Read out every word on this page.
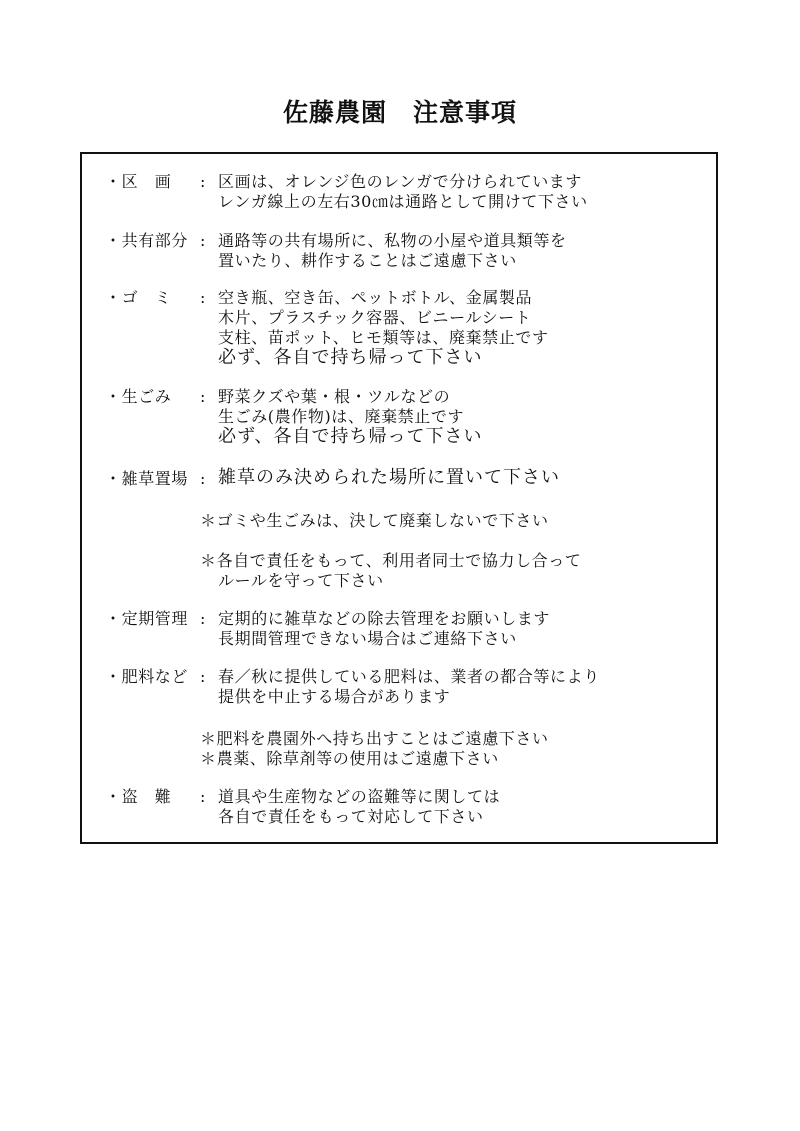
佐藤農園　注意事項
・区　画 : 区画は、オレンジ色のレンガで分けられています
レンガ線上の左右30㎝は通路として開けて下さい
・共有部分 : 通路等の共有場所に、私物の小屋や道具類等を
置いたり、耕作することはご遠慮下さい
・ゴ　ミ : 空き瓶、空き缶、ペットボトル、金属製品
木片、プラスチック容器、ビニールシート
支柱、苗ポット、ヒモ類等は、廃棄禁止です
必ず、各自で持ち帰って下さい
・生ごみ : 野菜クズや葉・根・ツルなどの
生ごみ(農作物)は、廃棄禁止です
必ず、各自で持ち帰って下さい
・雑草置場 : 雑草のみ決められた場所に置いて下さい
＊ゴミや生ごみは、決して廃棄しないで下さい
＊各自で責任をもって、利用者同士で協力し合って
ルールを守って下さい
・定期管理 : 定期的に雑草などの除去管理をお願いします
長期間管理できない場合はご連絡下さい
・肥料など : 春／秋に提供している肥料は、業者の都合等により
提供を中止する場合があります
＊肥料を農園外へ持ち出すことはご遠慮下さい
＊農薬、除草剤等の使用はご遠慮下さい
・盗　難 : 道具や生産物などの盗難等に関しては
各自で責任をもって対応して下さい
